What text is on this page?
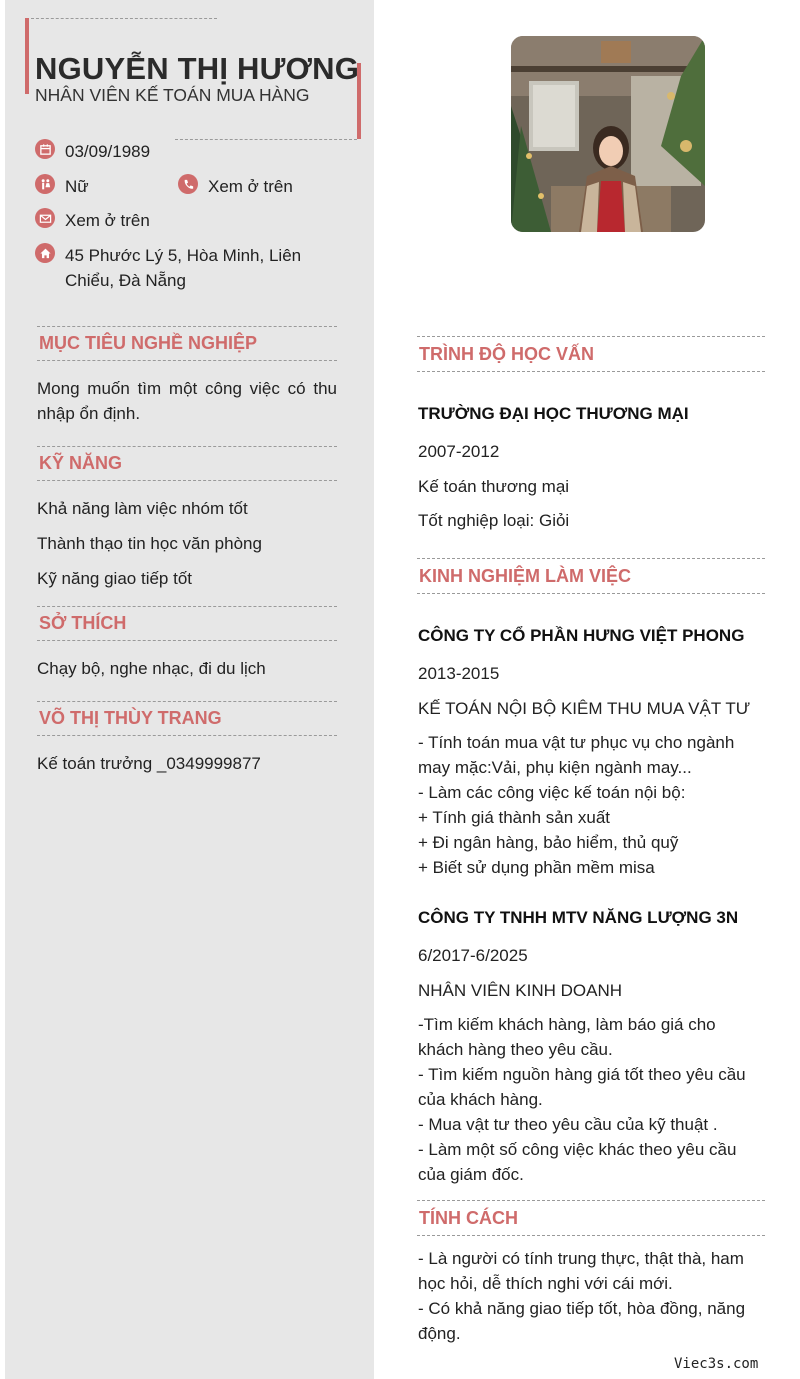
NGUYỄN THỊ HƯƠNG
NHÂN VIÊN KẾ TOÁN MUA HÀNG
03/09/1989
Nữ	Xem ở trên
Xem ở trên
45 Phước Lý 5, Hòa Minh, Liên Chiểu, Đà Nẵng
MỤC TIÊU NGHỀ NGHIỆP
Mong muốn tìm một công việc có thu nhập ổn định.
KỸ NĂNG
Khả năng làm việc nhóm tốt
Thành thạo tin học văn phòng
Kỹ năng giao tiếp tốt
SỞ THÍCH
Chạy bộ, nghe nhạc, đi du lịch
VÕ THỊ THÙY TRANG
Kế toán trưởng _0349999877
TRÌNH ĐỘ HỌC VẤN
TRƯỜNG ĐẠI HỌC THƯƠNG MẠI
2007-2012
Kế toán thương mại
Tốt nghiệp loại: Giỏi
KINH NGHIỆM LÀM VIỆC
CÔNG TY CỔ PHẦN HƯNG VIỆT PHONG
2013-2015
KẾ TOÁN NỘI BỘ KIÊM THU MUA VẬT TƯ
- Tính toán mua vật tư phục vụ cho ngành
may mặc:Vải, phụ kiện ngành may...
- Làm các công việc kế toán nội bộ:
+ Tính giá thành sản xuất
+ Đi ngân hàng, bảo hiểm, thủ quỹ
+ Biết sử dụng phần mềm misa
CÔNG TY TNHH MTV NĂNG LƯỢNG 3N
6/2017-6/2025
NHÂN VIÊN KINH DOANH
-Tìm kiếm khách hàng, làm báo giá cho
khách hàng theo yêu cầu.
- Tìm kiếm nguồn hàng giá tốt theo yêu cầu
của khách hàng.
- Mua vật tư theo yêu cầu của kỹ thuật .
- Làm một số công việc khác theo yêu cầu
của giám đốc.
TÍNH CÁCH
- Là người có tính trung thực, thật thà, ham
học hỏi, dễ thích nghi với cái mới.
- Có khả năng giao tiếp tốt, hòa đồng, năng
động.
Viec3s.com
